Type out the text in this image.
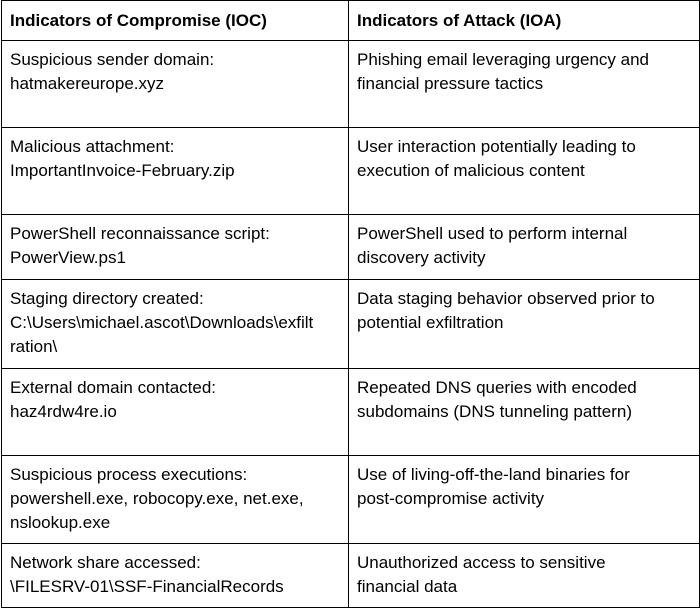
Indicators of Compromise (IOC)	Indicators of Attack (IOA)

Suspicious sender domain:
hatmakereurope.xyz	Phishing email leveraging urgency and
financial pressure tactics

Malicious attachment:
ImportantInvoice-February.zip	User interaction potentially leading to
execution of malicious content

PowerShell reconnaissance script:
PowerView.ps1	PowerShell used to perform internal
discovery activity

Staging directory created:
C:\Users\michael.ascot\Downloads\exfilt
ration\	Data staging behavior observed prior to
potential exfiltration

External domain contacted:
haz4rdw4re.io	Repeated DNS queries with encoded
subdomains (DNS tunneling pattern)

Suspicious process executions:
powershell.exe, robocopy.exe, net.exe,
nslookup.exe	Use of living-off-the-land binaries for
post-compromise activity

Network share accessed:
\FILESRV-01\SSF-FinancialRecords	Unauthorized access to sensitive
financial data
